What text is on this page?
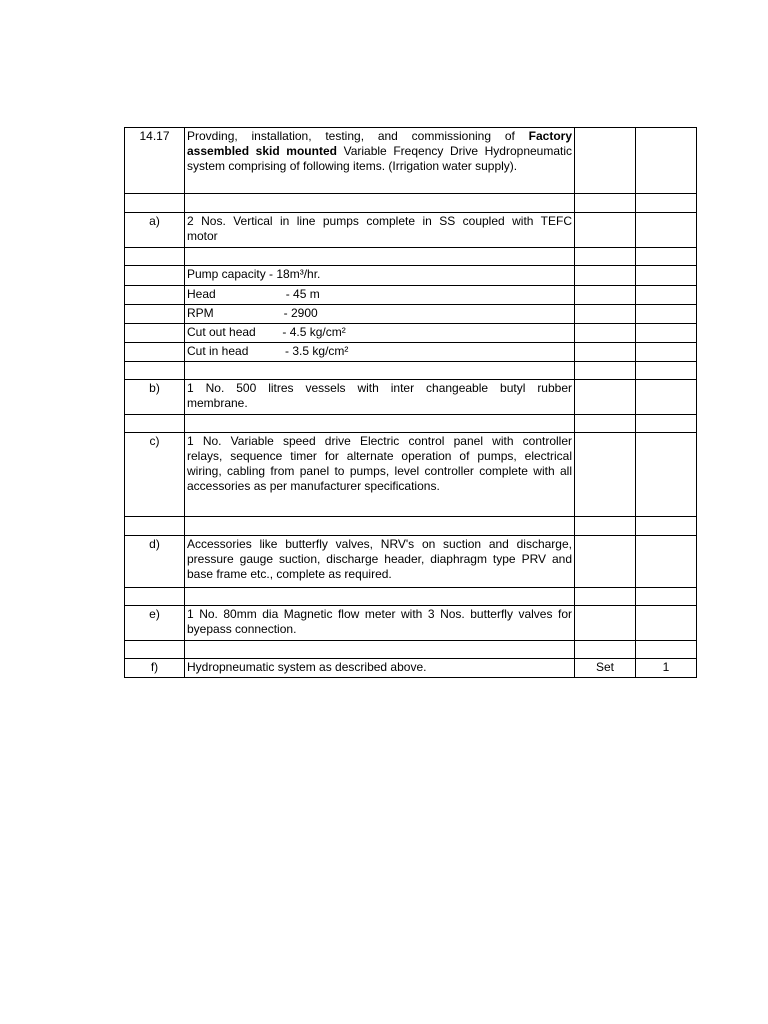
14.17	Provding, installation, testing, and commissioning of Factory
assembled skid mounted Variable Freqency Drive Hydropneumatic
system comprising of following items. (Irrigation water supply).		

a)	2 Nos. Vertical in line pumps complete in SS coupled with TEFC
motor		

	Pump capacity - 18m³/hr.		
	Head                     - 45 m		
	RPM                     - 2900		
	Cut out head        - 4.5 kg/cm²		
	Cut in head           - 3.5 kg/cm²		

b)	1 No. 500 litres vessels with inter changeable butyl rubber
membrane.		

c)	1 No. Variable speed drive Electric control panel with controller
relays, sequence timer for alternate operation of pumps, electrical
wiring, cabling from panel to pumps, level controller complete with all
accessories as per manufacturer specifications.		

d)	Accessories like butterfly valves, NRV's on suction and discharge,
pressure gauge suction, discharge header, diaphragm type PRV and
base frame etc., complete as required.		

e)	1 No. 80mm dia Magnetic flow meter with 3 Nos. butterfly valves for
byepass connection.		

f)	Hydropneumatic system as described above.	Set	1
